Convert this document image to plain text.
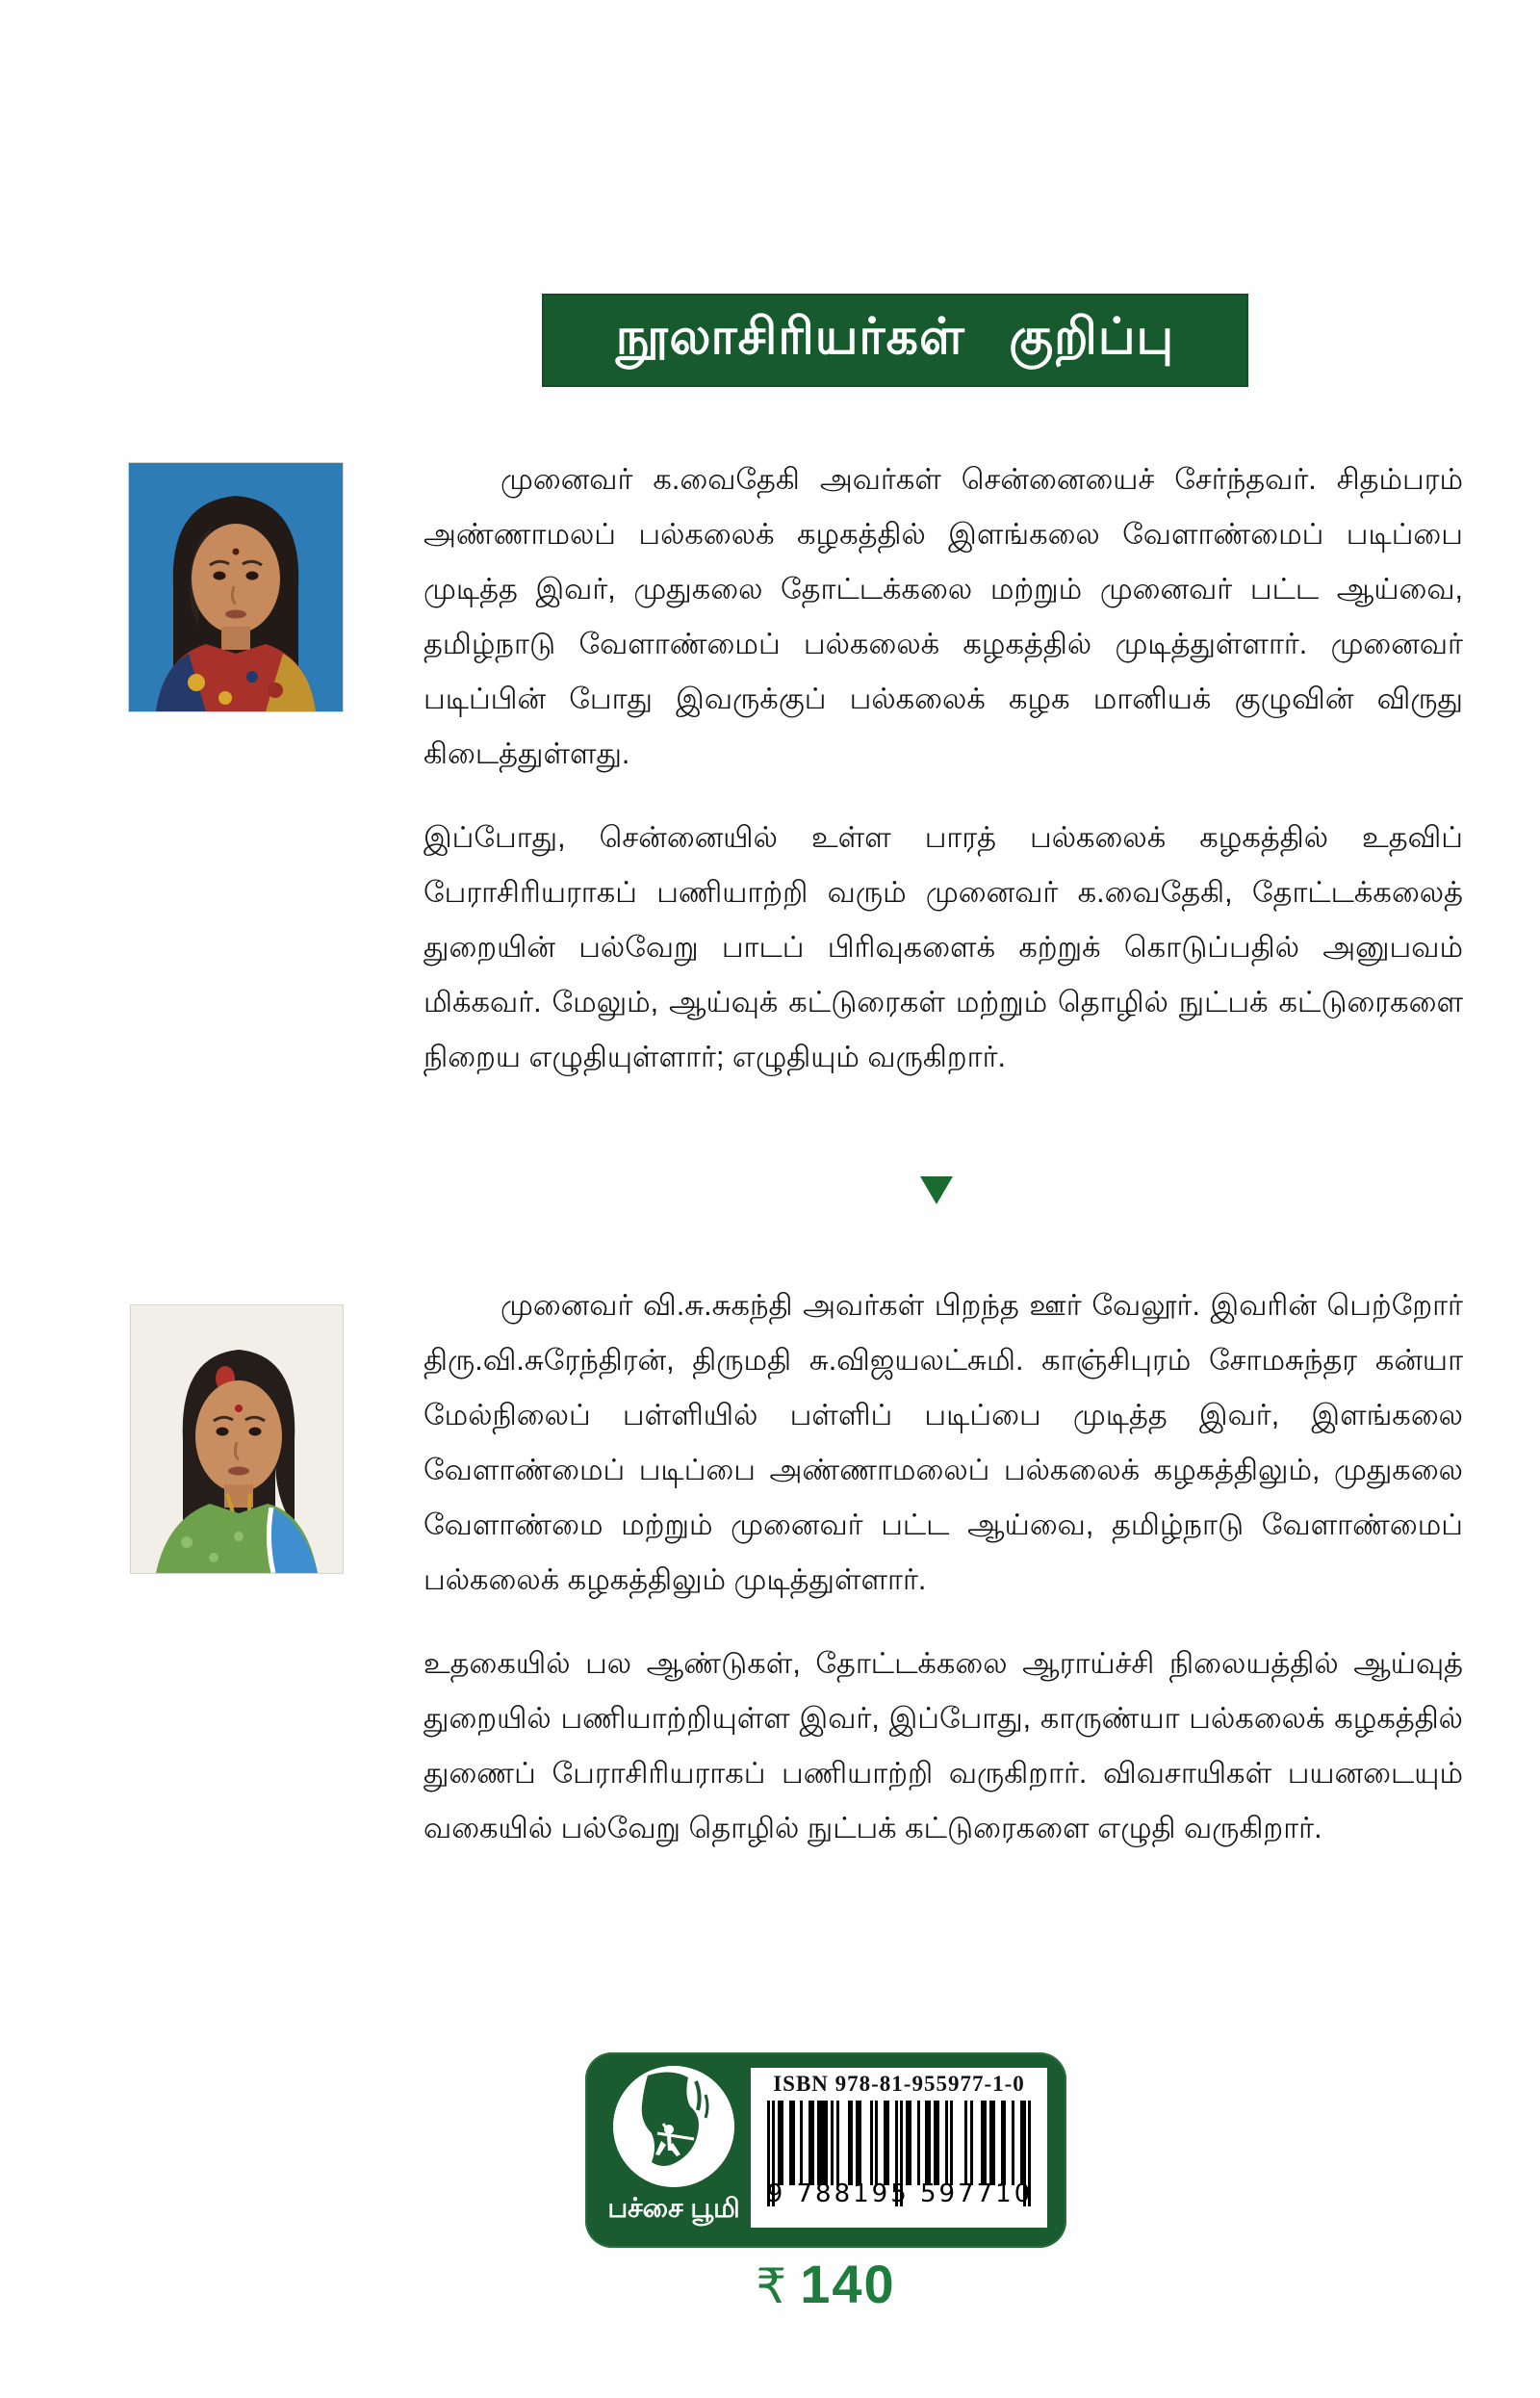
நூலாசிரியர்கள் குறிப்பு

முனைவர் க.வைதேகி அவர்கள் சென்னையைச் சேர்ந்தவர். சிதம்பரம் அண்ணாமலப் பல்கலைக் கழகத்தில் இளங்கலை வேளாண்மைப் படிப்பை முடித்த இவர், முதுகலை தோட்டக்கலை மற்றும் முனைவர் பட்ட ஆய்வை, தமிழ்நாடு வேளாண்மைப் பல்கலைக் கழகத்தில் முடித்துள்ளார். முனைவர் படிப்பின் போது இவருக்குப் பல்கலைக் கழக மானியக் குழுவின் விருது கிடைத்துள்ளது.

இப்போது, சென்னையில் உள்ள பாரத் பல்கலைக் கழகத்தில் உதவிப் பேராசிரியராகப் பணியாற்றி வரும் முனைவர் க.வைதேகி, தோட்டக்கலைத் துறையின் பல்வேறு பாடப் பிரிவுகளைக் கற்றுக் கொடுப்பதில் அனுபவம் மிக்கவர். மேலும், ஆய்வுக் கட்டுரைகள் மற்றும் தொழில் நுட்பக் கட்டுரைகளை நிறைய எழுதியுள்ளார்; எழுதியும் வருகிறார்.

முனைவர் வி.சு.சுகந்தி அவர்கள் பிறந்த ஊர் வேலூர். இவரின் பெற்றோர் திரு.வி.சுரேந்திரன், திருமதி சு.விஜயலட்சுமி. காஞ்சிபுரம் சோமசுந்தர கன்யா மேல்நிலைப் பள்ளியில் பள்ளிப் படிப்பை முடித்த இவர், இளங்கலை வேளாண்மைப் படிப்பை அண்ணாமலைப் பல்கலைக் கழகத்திலும், முதுகலை வேளாண்மை மற்றும் முனைவர் பட்ட ஆய்வை, தமிழ்நாடு வேளாண்மைப் பல்கலைக் கழகத்திலும் முடித்துள்ளார்.

உதகையில் பல ஆண்டுகள், தோட்டக்கலை ஆராய்ச்சி நிலையத்தில் ஆய்வுத் துறையில் பணியாற்றியுள்ள இவர், இப்போது, காருண்யா பல்கலைக் கழகத்தில் துணைப் பேராசிரியராகப் பணியாற்றி வருகிறார். விவசாயிகள் பயனடையும் வகையில் பல்வேறு தொழில் நுட்பக் கட்டுரைகளை எழுதி வருகிறார்.

பச்சை பூமி
ISBN 978-81-955977-1-0
9 788195 597710
₹ 140
